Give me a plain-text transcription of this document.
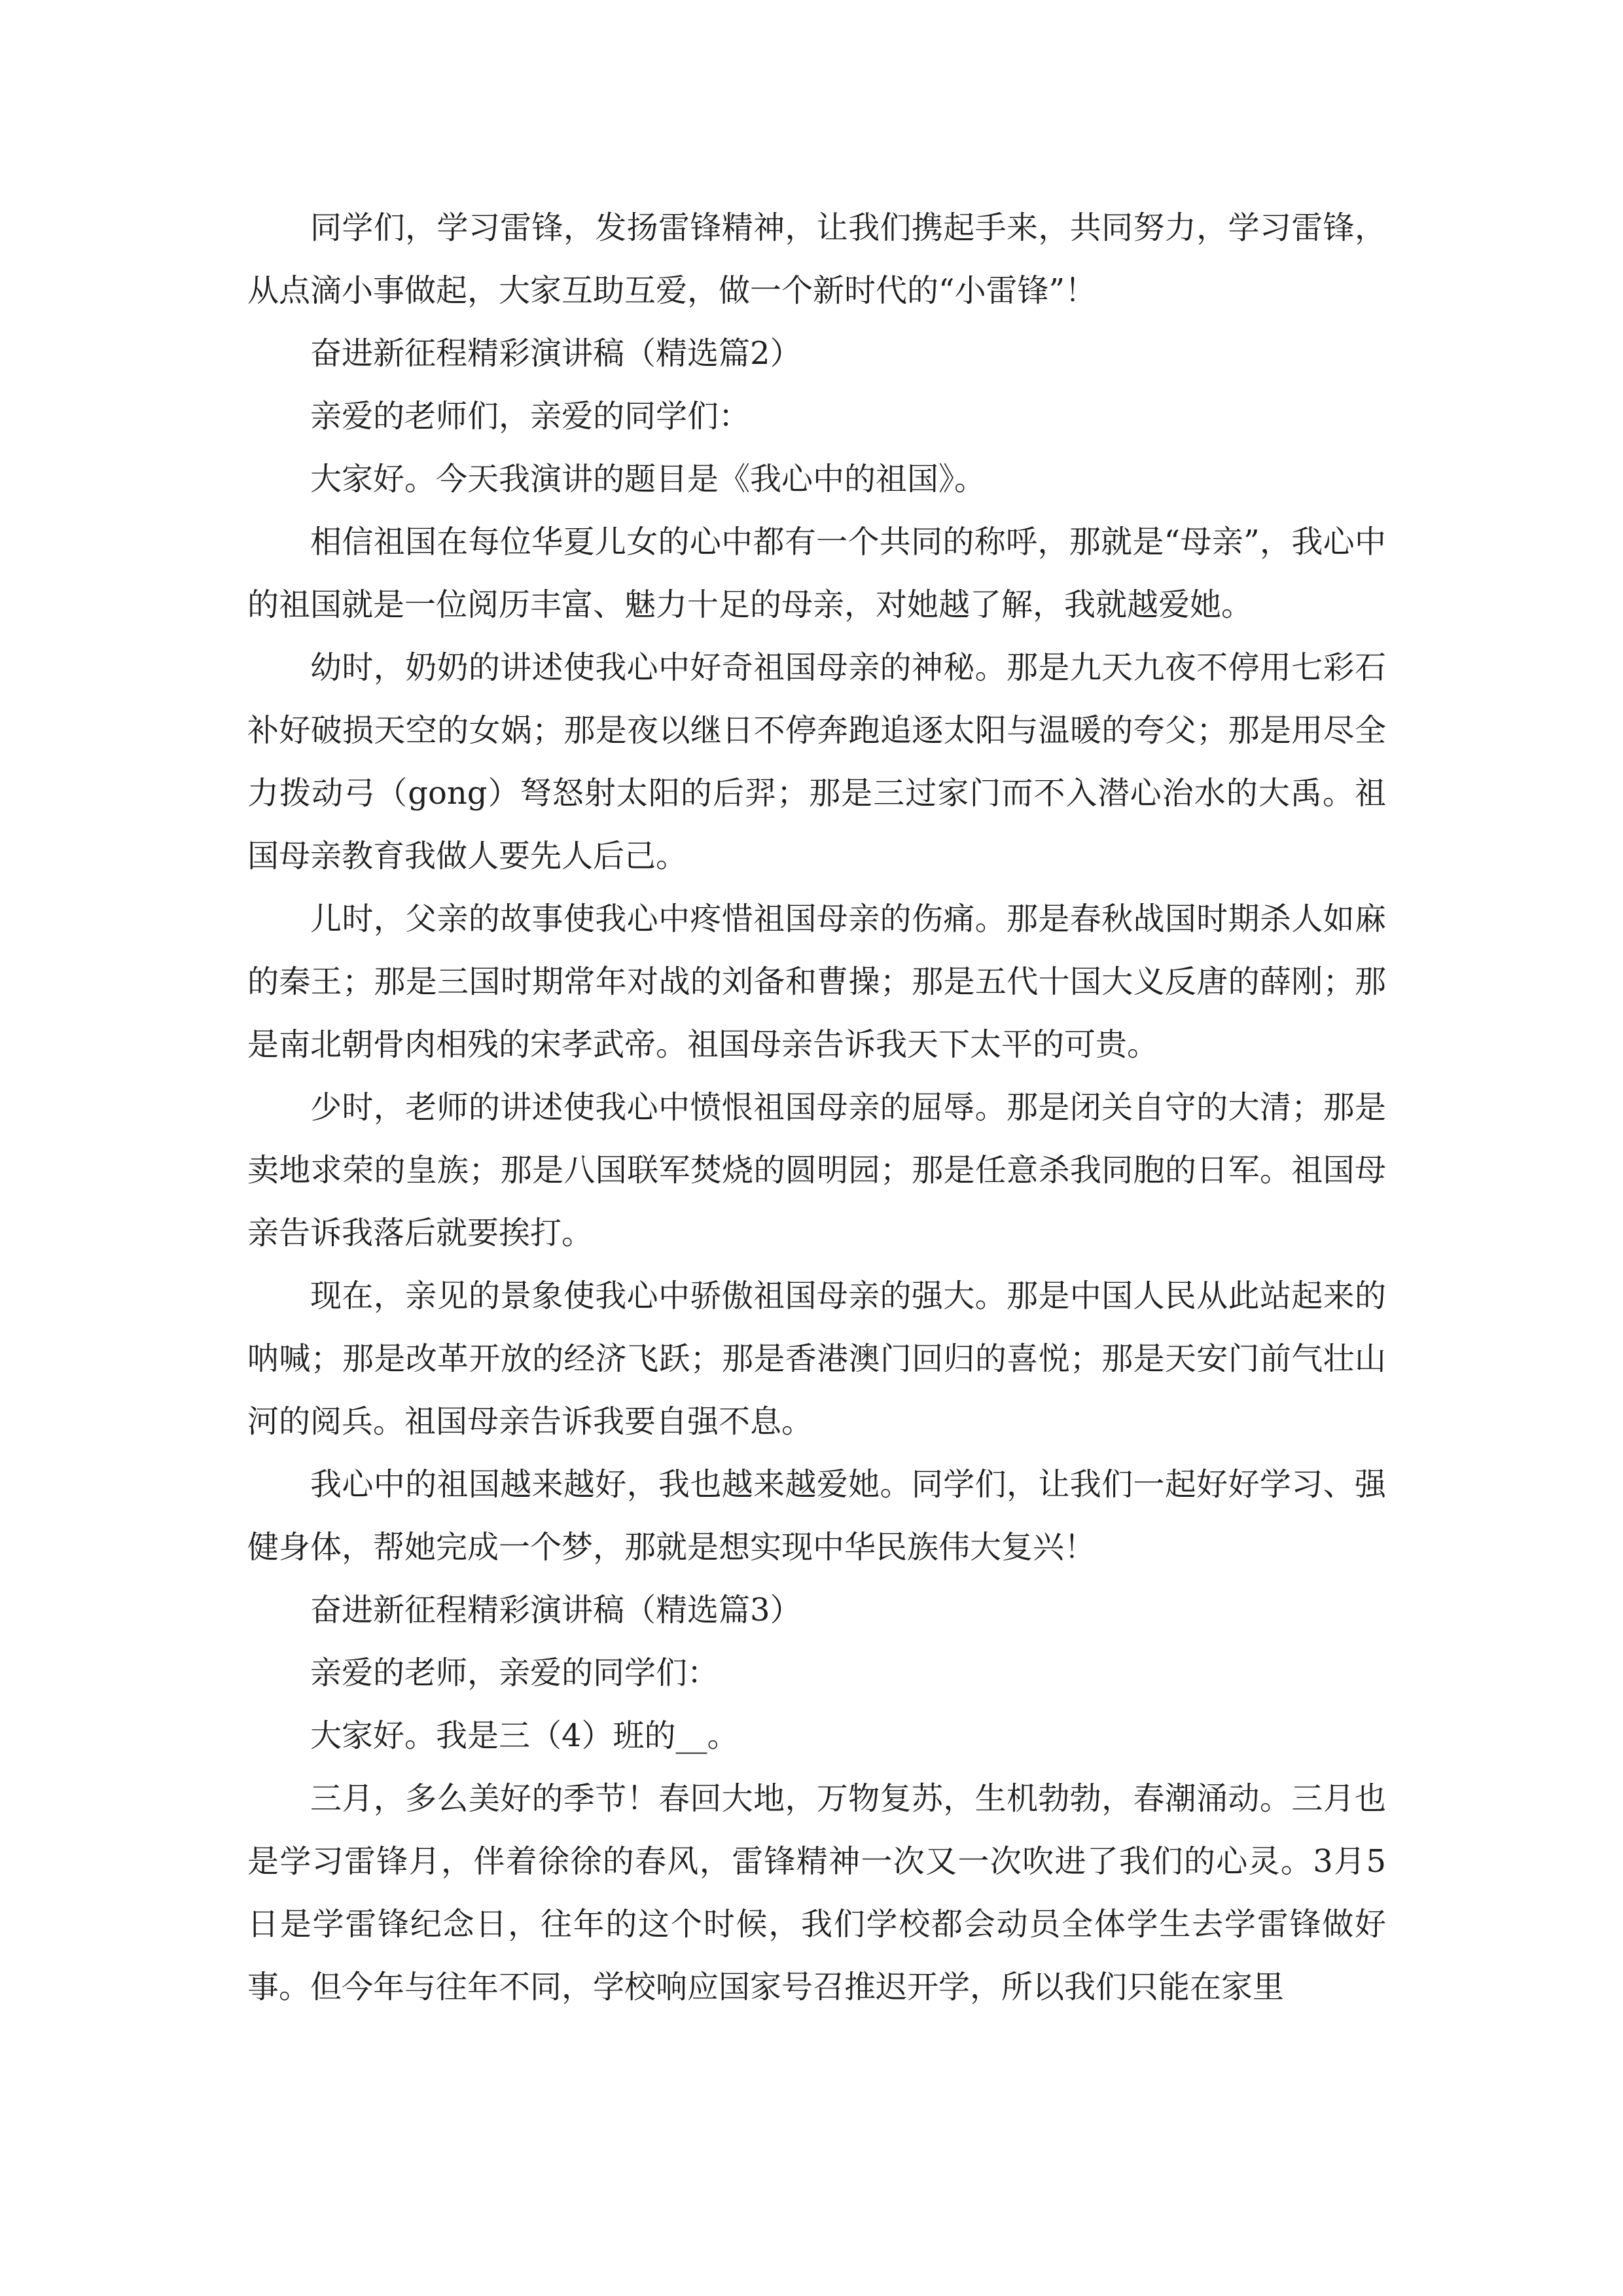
同学们，学习雷锋，发扬雷锋精神，让我们携起手来，共同努力，学习雷锋，从点滴小事做起，大家互助互爱，做一个新时代的“小雷锋”！

奋进新征程精彩演讲稿（精选篇2）

亲爱的老师们，亲爱的同学们：

大家好。今天我演讲的题目是《我心中的祖国》。

相信祖国在每位华夏儿女的心中都有一个共同的称呼，那就是“母亲”，我心中的祖国就是一位阅历丰富、魅力十足的母亲，对她越了解，我就越爱她。

幼时，奶奶的讲述使我心中好奇祖国母亲的神秘。那是九天九夜不停用七彩石补好破损天空的女娲；那是夜以继日不停奔跑追逐太阳与温暖的夸父；那是用尽全力拨动弓（gong）弩怒射太阳的后羿；那是三过家门而不入潜心治水的大禹。祖国母亲教育我做人要先人后己。

儿时，父亲的故事使我心中疼惜祖国母亲的伤痛。那是春秋战国时期杀人如麻的秦王；那是三国时期常年对战的刘备和曹操；那是五代十国大义反唐的薛刚；那是南北朝骨肉相残的宋孝武帝。祖国母亲告诉我天下太平的可贵。

少时，老师的讲述使我心中愤恨祖国母亲的屈辱。那是闭关自守的大清；那是卖地求荣的皇族；那是八国联军焚烧的圆明园；那是任意杀我同胞的日军。祖国母亲告诉我落后就要挨打。

现在，亲见的景象使我心中骄傲祖国母亲的强大。那是中国人民从此站起来的呐喊；那是改革开放的经济飞跃；那是香港澳门回归的喜悦；那是天安门前气壮山河的阅兵。祖国母亲告诉我要自强不息。

我心中的祖国越来越好，我也越来越爱她。同学们，让我们一起好好学习、强健身体，帮她完成一个梦，那就是想实现中华民族伟大复兴！

奋进新征程精彩演讲稿（精选篇3）

亲爱的老师，亲爱的同学们：

大家好。我是三（4）班的__。

三月，多么美好的季节！春回大地，万物复苏，生机勃勃，春潮涌动。三月也是学习雷锋月，伴着徐徐的春风，雷锋精神一次又一次吹进了我们的心灵。3月5日是学雷锋纪念日，往年的这个时候，我们学校都会动员全体学生去学雷锋做好事。但今年与往年不同，学校响应国家号召推迟开学，所以我们只能在家里
